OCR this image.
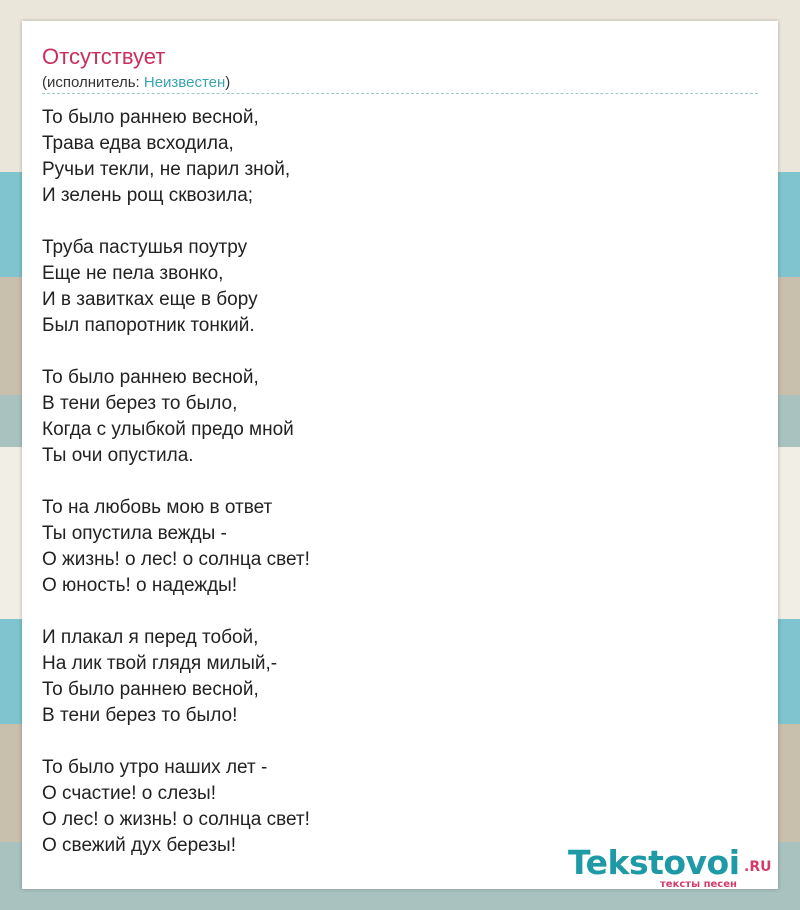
Отсутствует
(исполнитель: Неизвестен)

То было раннею весной,
Трава едва всходила,
Ручьи текли, не парил зной,
И зелень рощ сквозила;

Труба пастушья поутру
Еще не пела звонко,
И в завитках еще в бору
Был папоротник тонкий.

То было раннею весной,
В тени берез то было,
Когда с улыбкой предо мной
Ты очи опустила.

То на любовь мою в ответ
Ты опустила вежды -
О жизнь! о лес! о солнца свет!
О юность! о надежды!

И плакал я перед тобой,
На лик твой глядя милый,-
То было раннею весной,
В тени берез то было!

То было утро наших лет -
О счастие! о слезы!
О лес! о жизнь! о солнца свет!
О свежий дух березы!	Tekstovoi .RU
тексты песен
